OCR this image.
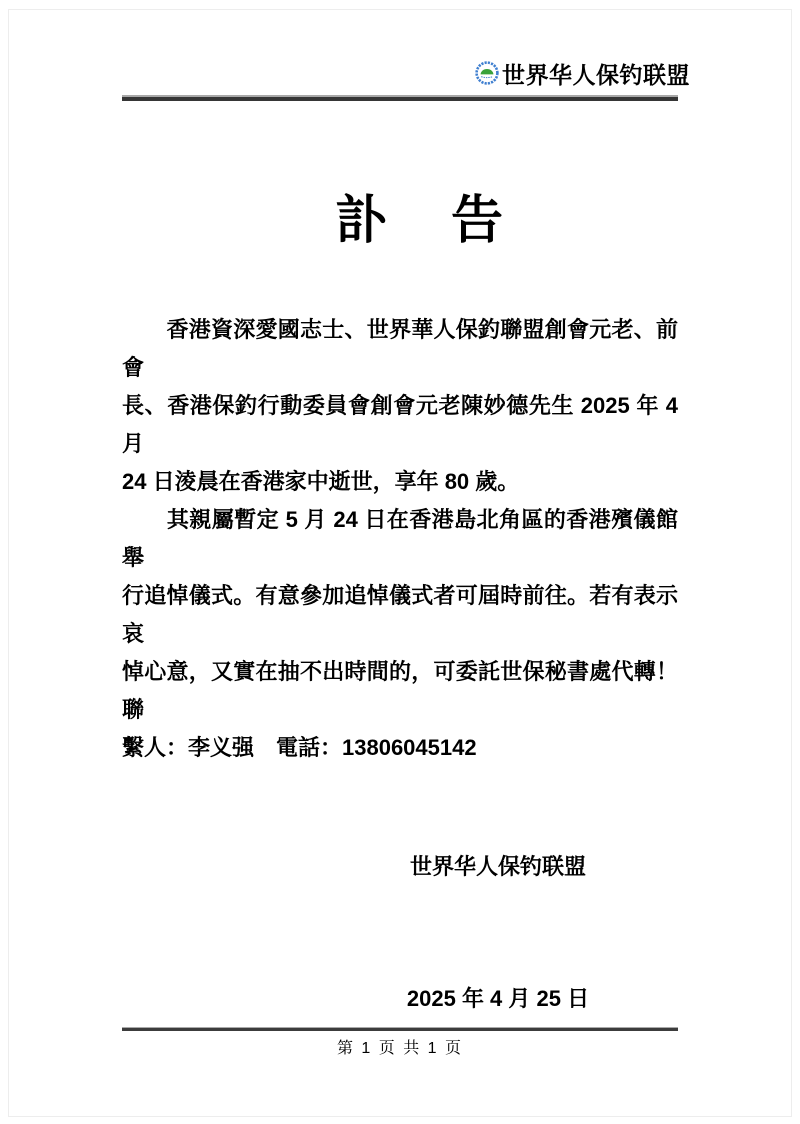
世界华人保钓联盟
訃　告
　　香港資深愛國志士、世界華人保釣聯盟創會元老、前會
長、香港保釣行動委員會創會元老陳妙德先生 2025 年 4 月
24 日淩晨在香港家中逝世，享年 80 歲。
　　其親屬暫定 5 月 24 日在香港島北角區的香港殯儀館舉
行追悼儀式。有意參加追悼儀式者可屆時前往。若有表示哀
悼心意，又實在抽不出時間的，可委託世保秘書處代轉！聯
繫人：李义强　電話：13806045142

世界华人保钓联盟

2025 年 4 月 25 日

第 1 页 共 1 页
